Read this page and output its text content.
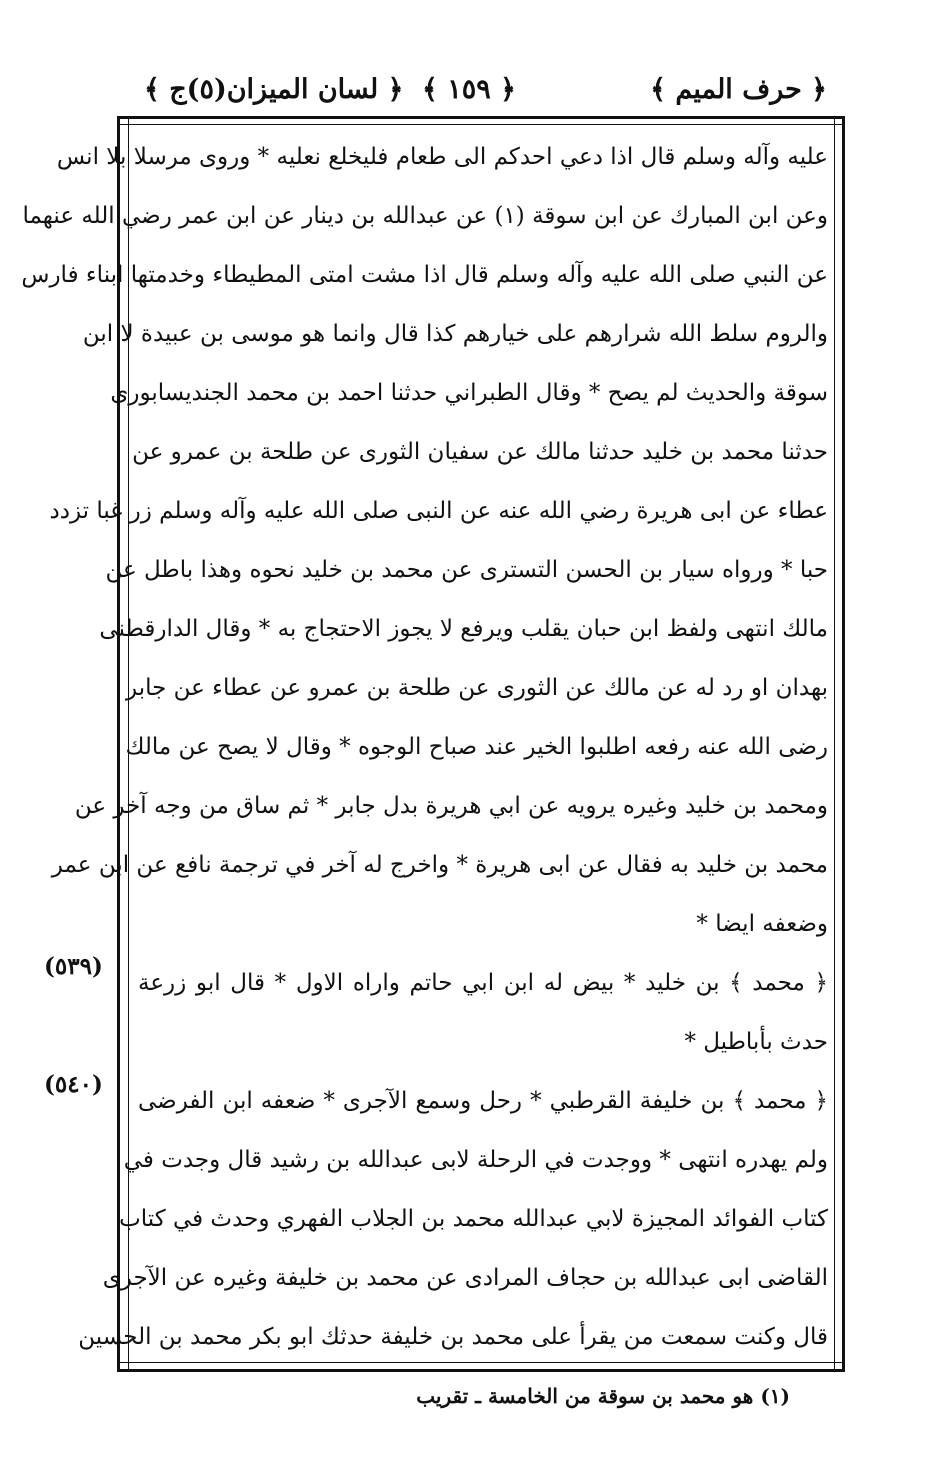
﴿ حرف الميم ﴾
﴿ ١٥٩ ﴾
﴿ لسان الميزان(٥)ج ﴾
عليه وآله وسلم قال اذا دعي احدكم الى طعام فليخلع نعليه * وروى مرسلا بلا انس
وعن ابن المبارك عن ابن سوقة (١) عن عبدالله بن دينار عن ابن عمر رضي الله عنهما
عن النبي صلى الله عليه وآله وسلم قال اذا مشت امتى المطيطاء وخدمتها ابناء فارس
والروم سلط الله شرارهم على خيارهم كذا قال وانما هو موسى بن عبيدة لا ابن
سوقة والحديث لم يصح * وقال الطبراني حدثنا احمد بن محمد الجنديسابورى
حدثنا محمد بن خليد حدثنا مالك عن سفيان الثورى عن طلحة بن عمرو عن
عطاء عن ابى هريرة رضي الله عنه عن النبى صلى الله عليه وآله وسلم زر غبا تزدد
حبا * ورواه سيار بن الحسن التسترى عن محمد بن خليد نحوه وهذا باطل عن
مالك انتهى ولفظ ابن حبان يقلب ويرفع لا يجوز الاحتجاج به * وقال الدارقطنى
بهدان او رد له عن مالك عن الثورى عن طلحة بن عمرو عن عطاء عن جابر
رضى الله عنه رفعه اطلبوا الخير عند صباح الوجوه * وقال لا يصح عن مالك
ومحمد بن خليد وغيره يرويه عن ابي هريرة بدل جابر * ثم ساق من وجه آخر عن
محمد بن خليد به فقال عن ابى هريرة * واخرج له آخر في ترجمة نافع عن ابن عمر
وضعفه ايضا *
﴿ محمد ﴾ بن خليد * بيض له ابن ابي حاتم واراه الاول * قال ابو زرعة
حدث بأباطيل *
﴿ محمد ﴾ بن خليفة القرطبي * رحل وسمع الآجرى * ضعفه ابن الفرضى
ولم يهدره انتهى * ووجدت في الرحلة لابى عبدالله بن رشيد قال وجدت في
كتاب الفوائد المجيزة لابي عبدالله محمد بن الجلاب الفهري وحدث في كتاب
القاضى ابى عبدالله بن حجاف المرادى عن محمد بن خليفة وغيره عن الآجرى
قال وكنت سمعت من يقرأ على محمد بن خليفة حدثك ابو بكر محمد بن الحسين
(٥٣٩)
(٥٤٠)
(١) هو محمد بن سوقة من الخامسة ـ تقريب
